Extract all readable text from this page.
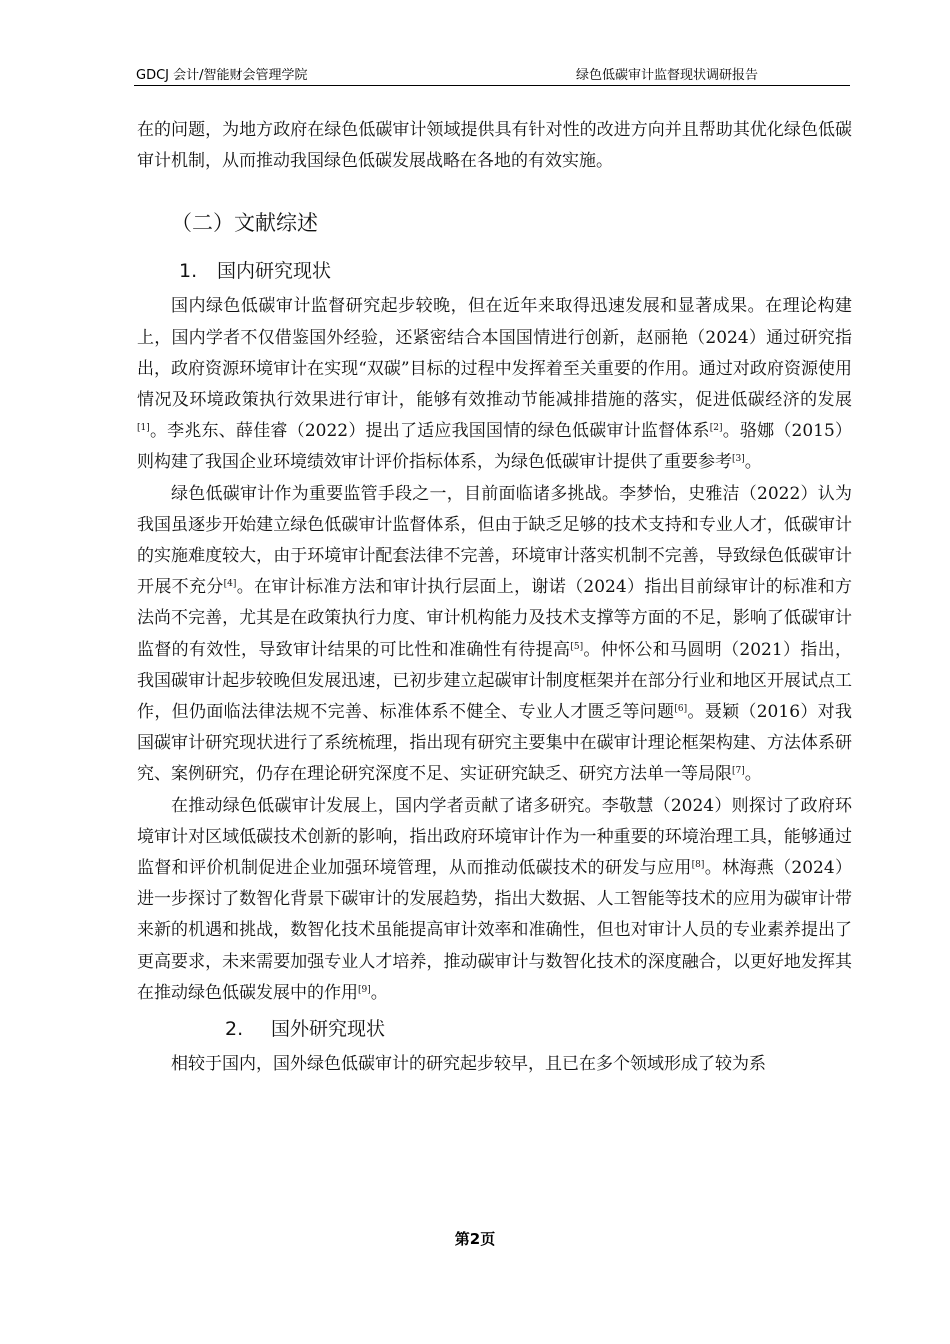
GDCJ 会计/智能财会管理学院	绿色低碳审计监督现状调研报告

在的问题，为地方政府在绿色低碳审计领域提供具有针对性的改进方向并且帮助其优化绿色低碳审计机制，从而推动我国绿色低碳发展战略在各地的有效实施。

（二）文献综述
1. 国内研究现状

国内绿色低碳审计监督研究起步较晚，但在近年来取得迅速发展和显著成果。在理论构建上，国内学者不仅借鉴国外经验，还紧密结合本国国情进行创新，赵丽艳（2024）通过研究指出，政府资源环境审计在实现“双碳”目标的过程中发挥着至关重要的作用。通过对政府资源使用情况及环境政策执行效果进行审计，能够有效推动节能减排措施的落实，促进低碳经济的发展[1]。李兆东、薛佳睿（2022）提出了适应我国国情的绿色低碳审计监督体系[2]。骆娜（2015）则构建了我国企业环境绩效审计评价指标体系，为绿色低碳审计提供了重要参考[3]。

绿色低碳审计作为重要监管手段之一，目前面临诸多挑战。李梦怡，史雅洁（2022）认为我国虽逐步开始建立绿色低碳审计监督体系，但由于缺乏足够的技术支持和专业人才，低碳审计的实施难度较大，由于环境审计配套法律不完善，环境审计落实机制不完善，导致绿色低碳审计开展不充分[4]。在审计标准方法和审计执行层面上，谢诺（2024）指出目前绿审计的标准和方法尚不完善，尤其是在政策执行力度、审计机构能力及技术支撑等方面的不足，影响了低碳审计监督的有效性，导致审计结果的可比性和准确性有待提高[5]。仲怀公和马圆明（2021）指出，我国碳审计起步较晚但发展迅速，已初步建立起碳审计制度框架并在部分行业和地区开展试点工作，但仍面临法律法规不完善、标准体系不健全、专业人才匮乏等问题[6]。聂颖（2016）对我国碳审计研究现状进行了系统梳理，指出现有研究主要集中在碳审计理论框架构建、方法体系研究、案例研究，仍存在理论研究深度不足、实证研究缺乏、研究方法单一等局限[7]。

在推动绿色低碳审计发展上，国内学者贡献了诸多研究。李敬慧（2024）则探讨了政府环境审计对区域低碳技术创新的影响，指出政府环境审计作为一种重要的环境治理工具，能够通过监督和评价机制促进企业加强环境管理，从而推动低碳技术的研发与应用[8]。林海燕（2024）进一步探讨了数智化背景下碳审计的发展趋势，指出大数据、人工智能等技术的应用为碳审计带来新的机遇和挑战，数智化技术虽能提高审计效率和准确性，但也对审计人员的专业素养提出了更高要求，未来需要加强专业人才培养，推动碳审计与数智化技术的深度融合，以更好地发挥其在推动绿色低碳发展中的作用[9]。

2. 国外研究现状

相较于国内，国外绿色低碳审计的研究起步较早，且已在多个领域形成了较为系

第2页
